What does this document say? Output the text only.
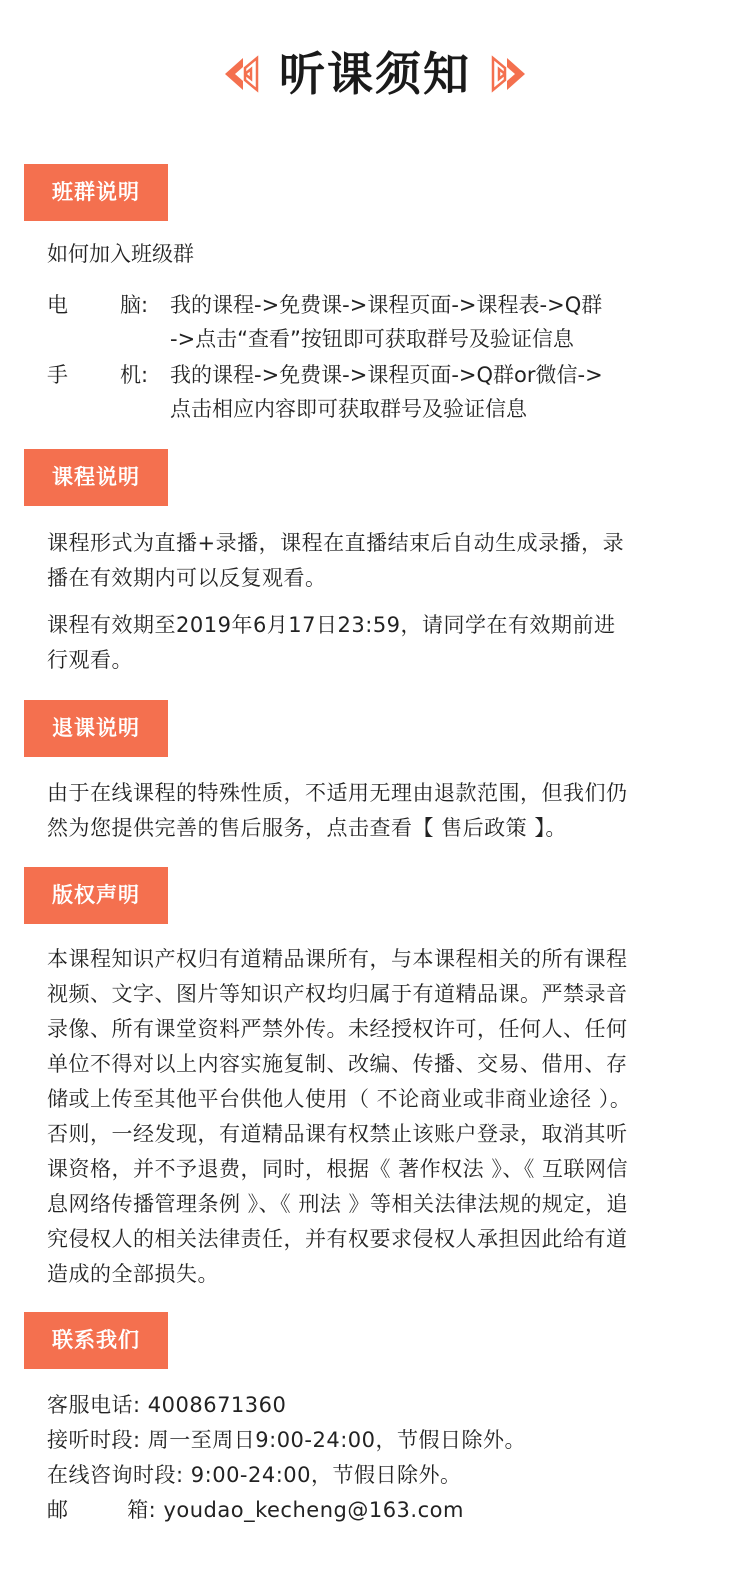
听课须知
班群说明
如何加入班级群
电	脑:	我的课程->免费课->课程页面->课程表->Q群
->点击“查看”按钮即可获取群号及验证信息
手	机:	我的课程->免费课->课程页面->Q群or微信->
点击相应内容即可获取群号及验证信息
课程说明
课程形式为直播+录播，课程在直播结束后自动生成录播，录
播在有效期内可以反复观看。
课程有效期至2019年6月17日23:59，请同学在有效期前进
行观看。
退课说明
由于在线课程的特殊性质，不适用无理由退款范围，但我们仍
然为您提供完善的售后服务，点击查看【 售后政策 】。
版权声明
本课程知识产权归有道精品课所有，与本课程相关的所有课程
视频、文字、图片等知识产权均归属于有道精品课。严禁录音
录像、所有课堂资料严禁外传。未经授权许可，任何人、任何
单位不得对以上内容实施复制、改编、传播、交易、借用、存
储或上传至其他平台供他人使用（ 不论商业或非商业途径 ）。
否则，一经发现，有道精品课有权禁止该账户登录，取消其听
课资格，并不予退费，同时，根据《 著作权法 》、《 互联网信
息网络传播管理条例 》、《 刑法 》等相关法律法规的规定，追
究侵权人的相关法律责任，并有权要求侵权人承担因此给有道
造成的全部损失。
联系我们
客服电话: 4008671360
接听时段: 周一至周日9:00-24:00，节假日除外。
在线咨询时段: 9:00-24:00，节假日除外。
邮	箱: youdao_kecheng@163.com
